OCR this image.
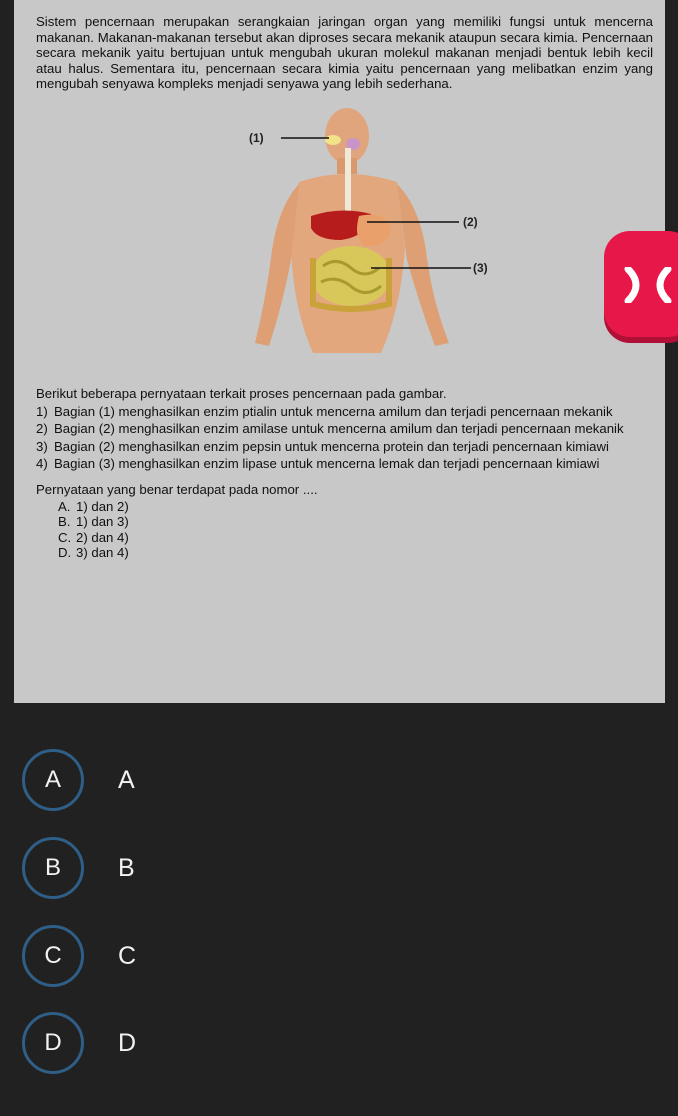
Sistem pencernaan merupakan serangkaian jaringan organ yang memiliki fungsi untuk mencerna makanan. Makanan-makanan tersebut akan diproses secara mekanik ataupun secara kimia. Pencernaan secara mekanik yaitu bertujuan untuk mengubah ukuran molekul makanan menjadi bentuk lebih kecil atau halus. Sementara itu, pencernaan secara kimia yaitu pencernaan yang melibatkan enzim yang mengubah senyawa kompleks menjadi senyawa yang lebih sederhana.

(1)
(2)
(3)
Berikut beberapa pernyataan terkait proses pencernaan pada gambar.
1) Bagian (1) menghasilkan enzim ptialin untuk mencerna amilum dan terjadi pencernaan mekanik
2) Bagian (2) menghasilkan enzim amilase untuk mencerna amilum dan terjadi pencernaan mekanik
3) Bagian (2) menghasilkan enzim pepsin untuk mencerna protein dan terjadi pencernaan kimiawi
4) Bagian (3) menghasilkan enzim lipase untuk mencerna lemak dan terjadi pencernaan kimiawi
Pernyataan yang benar terdapat pada nomor ....
A. 1) dan 2)
B. 1) dan 3)
C. 2) dan 4)
D. 3) dan 4)
A	A
B	B
C	C
D	D
